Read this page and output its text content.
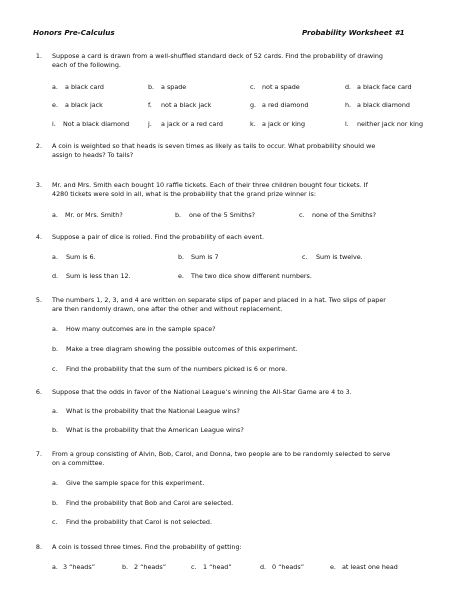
Honors Pre-Calculus	Probability Worksheet #1
1. Suppose a card is drawn from a well-shuffled standard deck of 52 cards. Find the probability of drawing
each of the following.
a. a black card	b. a spade	c. not a spade	d. a black face card
e. a black jack	f. not a black jack	g. a red diamond	h. a black diamond
i. Not a black diamond	j. a jack or a red card	k. a jack or king	l. neither jack nor king
2. A coin is weighted so that heads is seven times as likely as tails to occur. What probability should we
assign to heads? To tails?
3. Mr. and Mrs. Smith each bought 10 raffle tickets. Each of their three children bought four tickets. If
4280 tickets were sold in all, what is the probability that the grand prize winner is:
a. Mr. or Mrs. Smith?	b. one of the 5 Smiths?	c. none of the Smiths?
4. Suppose a pair of dice is rolled. Find the probability of each event.
a. Sum is 6.	b. Sum is 7	c. Sum is twelve.
d. Sum is less than 12.	e. The two dice show different numbers.
5. The numbers 1, 2, 3, and 4 are written on separate slips of paper and placed in a hat. Two slips of paper
are then randomly drawn, one after the other and without replacement.
a. How many outcomes are in the sample space?
b. Make a tree diagram showing the possible outcomes of this experiment.
c. Find the probability that the sum of the numbers picked is 6 or more.
6. Suppose that the odds in favor of the National League’s winning the All-Star Game are 4 to 3.
a. What is the probability that the National League wins?
b. What is the probability that the American League wins?
7. From a group consisting of Alvin, Bob, Carol, and Donna, two people are to be randomly selected to serve
on a committee.
a. Give the sample space for this experiment.
b. Find the probability that Bob and Carol are selected.
c. Find the probability that Carol is not selected.
8. A coin is tossed three times. Find the probability of getting:
a. 3 “heads”	b. 2 “heads”	c. 1 “head”	d. 0 “heads”	e. at least one head
